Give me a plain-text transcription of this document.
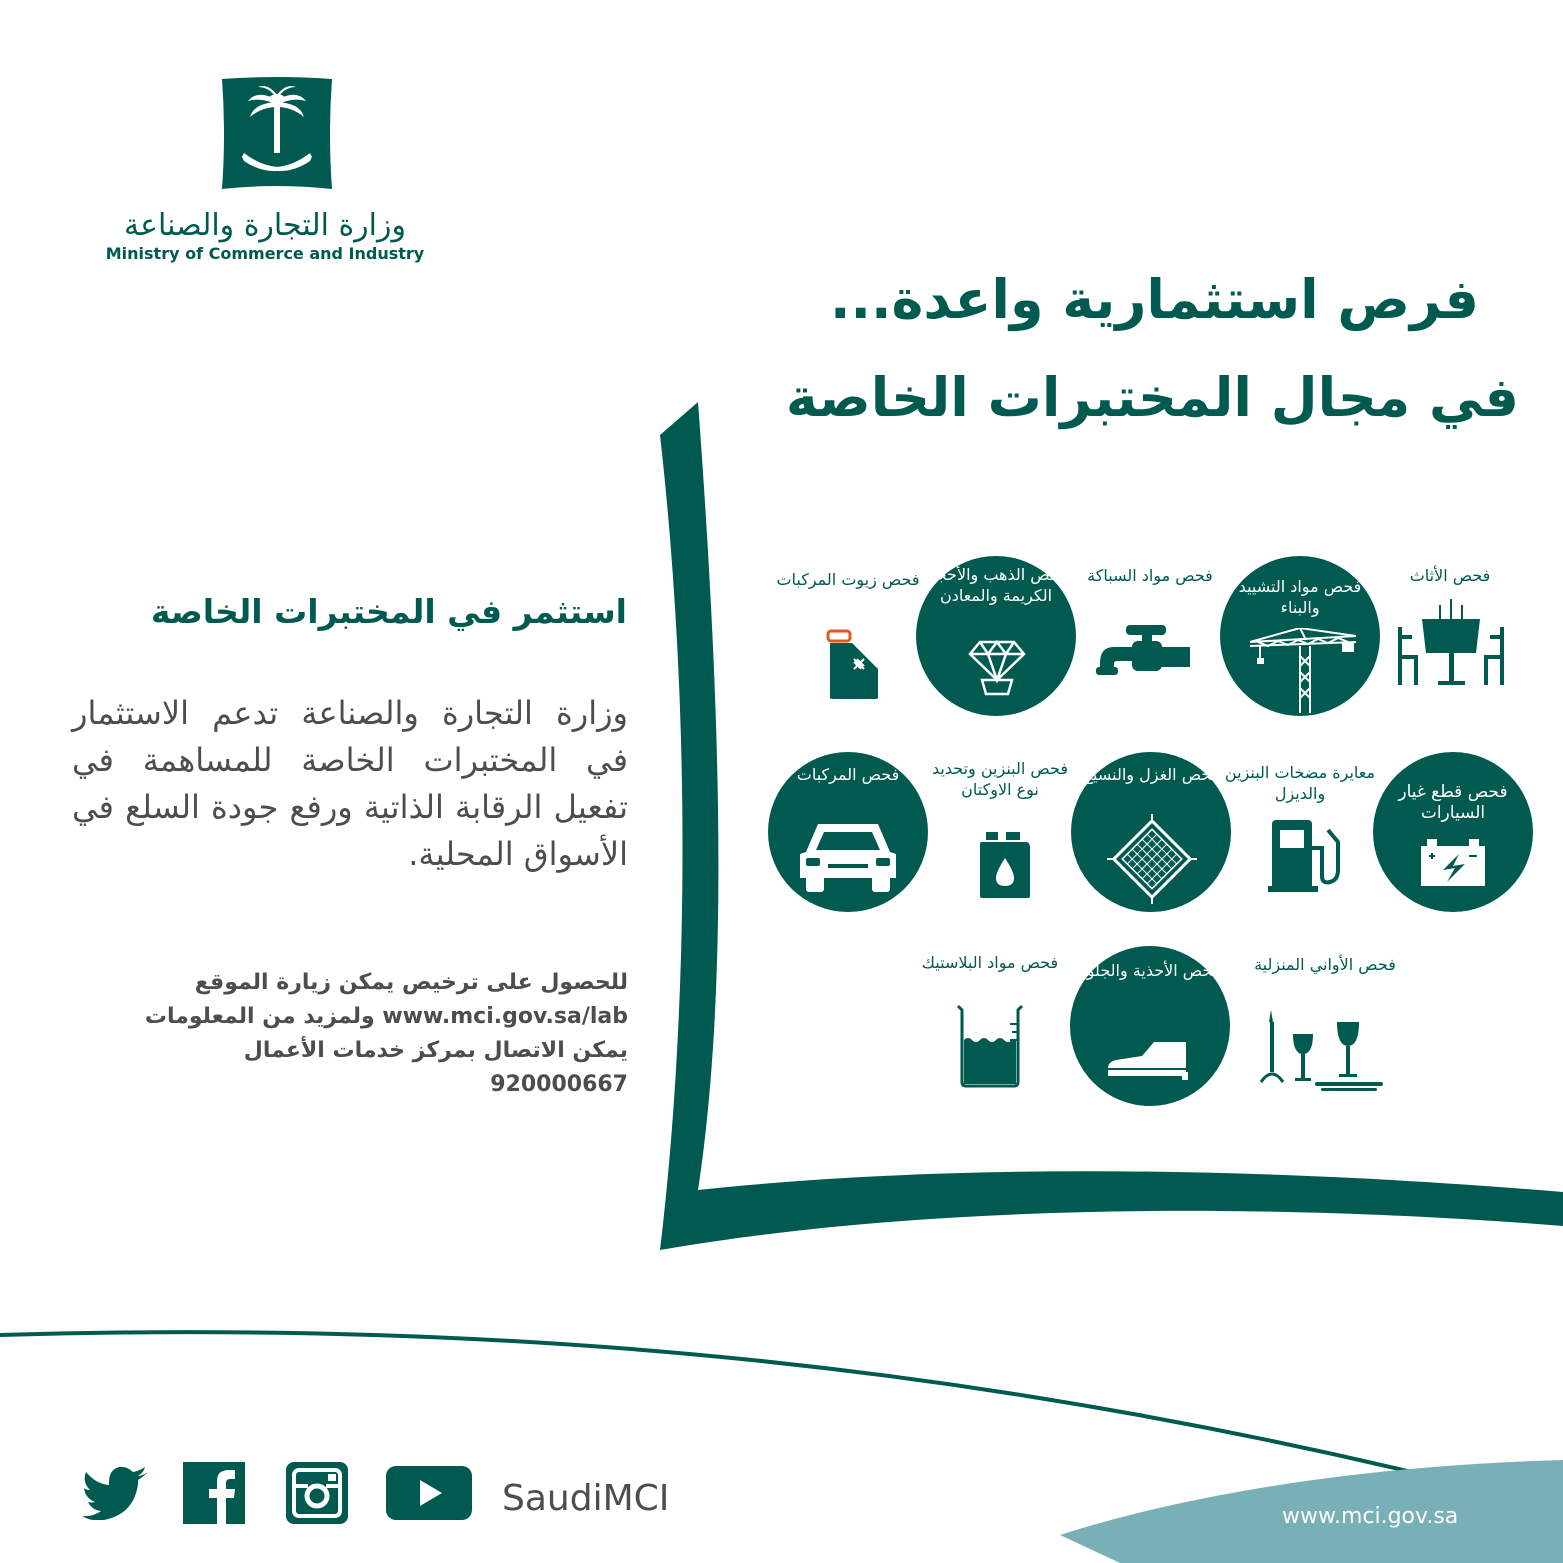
وزارة التجارة والصناعة
Ministry of Commerce and Industry
فرص استثمارية واعدة...
في مجال المختبرات الخاصة
استثمر في المختبرات الخاصة
وزارة التجارة والصناعة تدعم الاستثمار في المختبرات الخاصة للمساهمة في تفعيل الرقابة الذاتية ورفع جودة السلع في الأسواق المحلية.
للحصول على ترخيص يمكن زيارة الموقع
www.mci.gov.sa/lab ولمزيد من المعلومات
يمكن الاتصال بمركز خدمات الأعمال
920000667
فحص الأثاث
فحص مواد التشييد والبناء
فحص مواد السباكة
فحص الذهب والأحجار الكريمة والمعادن
فحص زيوت المركبات
فحص قطع غيار السيارات
معايرة مضخات البنزين والديزل
فحص الغزل والنسيج
فحص البنزين وتحديد نوع الاوكتان
فحص المركبات
فحص الأواني المنزلية
فحص الأحذية والجلود
فحص مواد البلاستيك
SaudiMCI	www.mci.gov.sa
